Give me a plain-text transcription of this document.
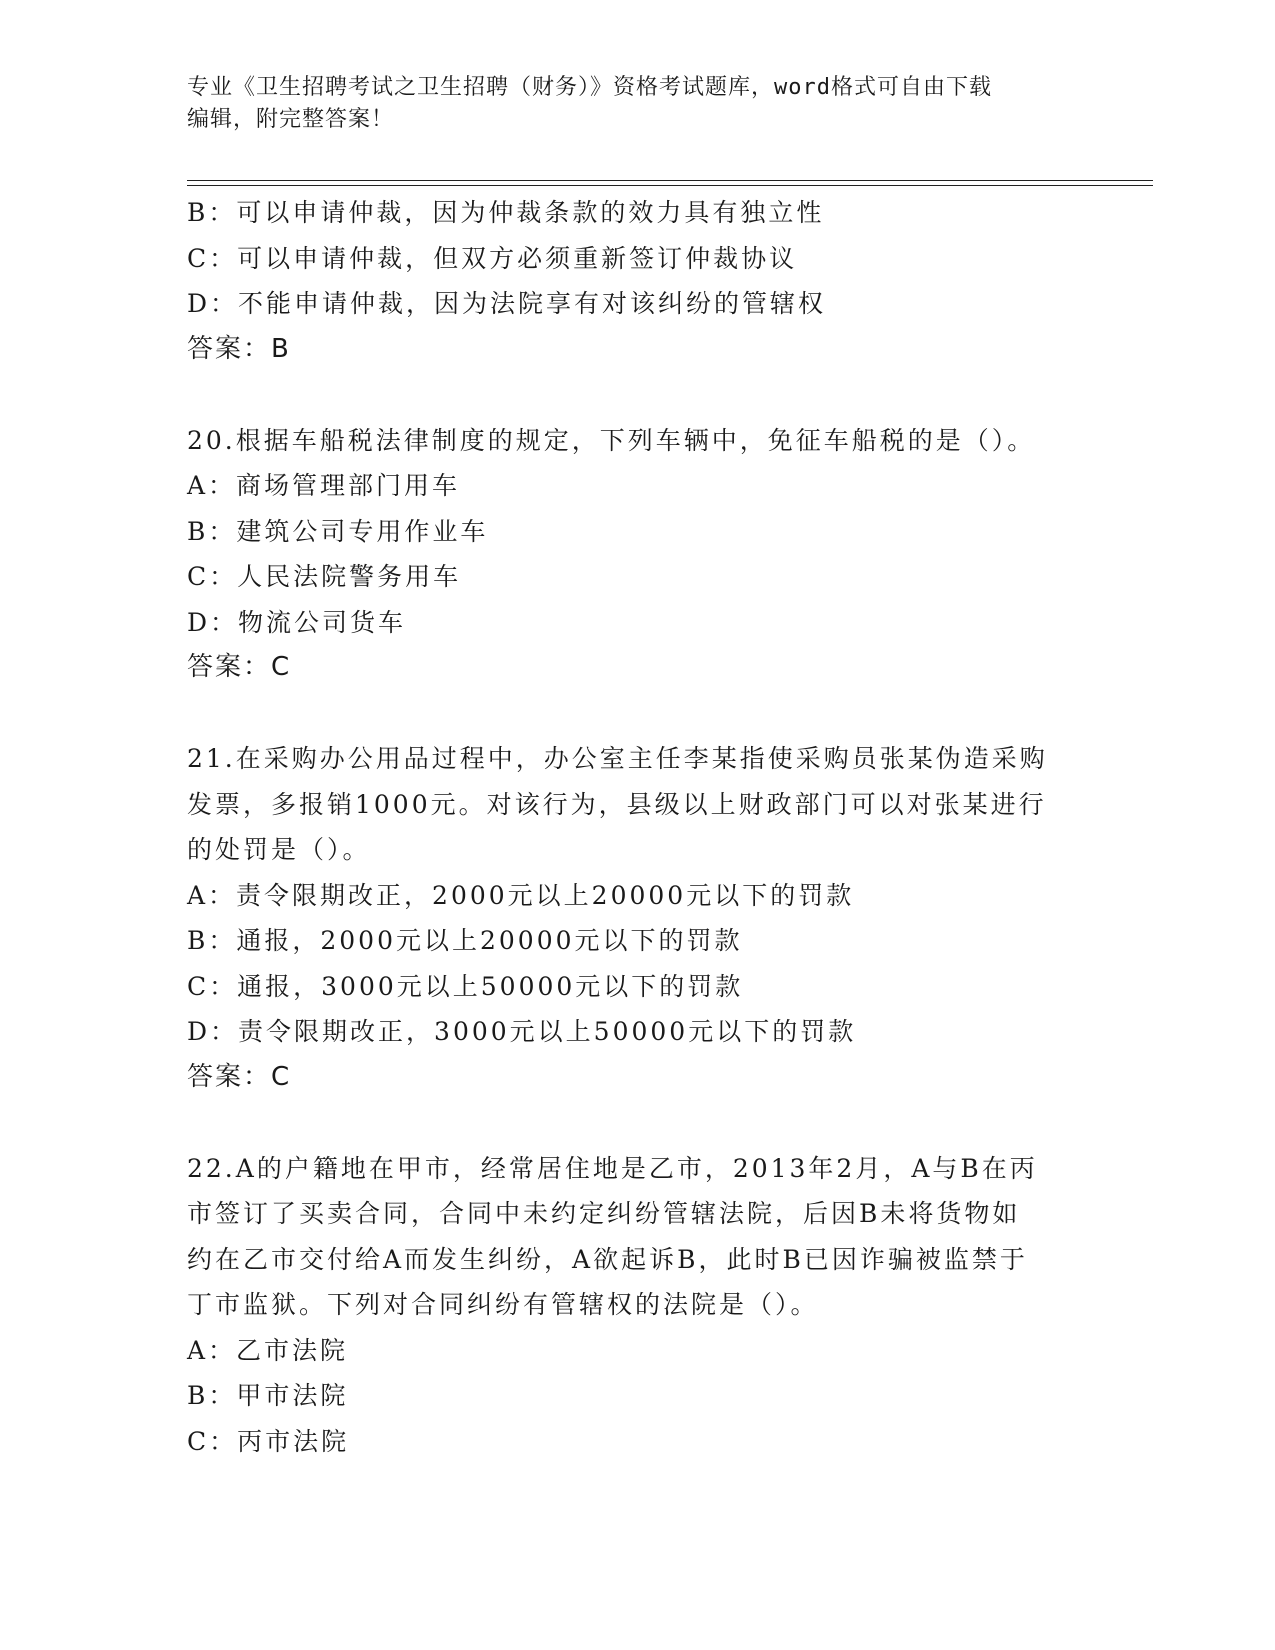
专业《卫生招聘考试之卫生招聘（财务）》资格考试题库，word格式可自由下载
编辑，附完整答案！
B：可以申请仲裁，因为仲裁条款的效力具有独立性
C：可以申请仲裁，但双方必须重新签订仲裁协议
D：不能申请仲裁，因为法院享有对该纠纷的管辖权
答案：B
20.根据车船税法律制度的规定，下列车辆中，免征车船税的是（）。
A：商场管理部门用车
B：建筑公司专用作业车
C：人民法院警务用车
D：物流公司货车
答案：C
21.在采购办公用品过程中，办公室主任李某指使采购员张某伪造采购
发票，多报销1000元。对该行为，县级以上财政部门可以对张某进行
的处罚是（）。
A：责令限期改正，2000元以上20000元以下的罚款
B：通报，2000元以上20000元以下的罚款
C：通报，3000元以上50000元以下的罚款
D：责令限期改正，3000元以上50000元以下的罚款
答案：C
22.A的户籍地在甲市，经常居住地是乙市，2013年2月，A与B在丙
市签订了买卖合同，合同中未约定纠纷管辖法院，后因B未将货物如
约在乙市交付给A而发生纠纷，A欲起诉B，此时B已因诈骗被监禁于
丁市监狱。下列对合同纠纷有管辖权的法院是（）。
A：乙市法院
B：甲市法院
C：丙市法院
